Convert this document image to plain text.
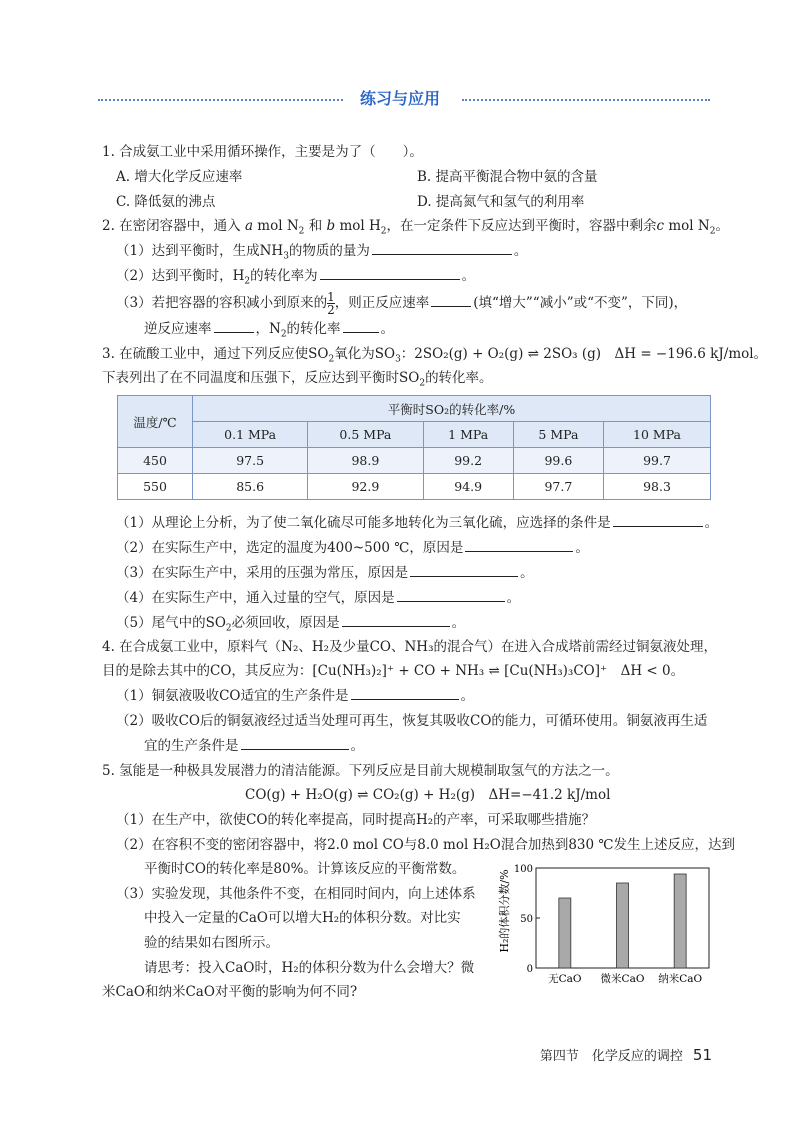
练习与应用
1. 合成氨工业中采用循环操作，主要是为了（　　）。
A. 增大化学反应速率	B. 提高平衡混合物中氨的含量
C. 降低氨的沸点	D. 提高氮气和氢气的利用率
2. 在密闭容器中，通入 a mol $N_2$ 和 b mol $H_2$，在一定条件下反应达到平衡时，容器中剩余c mol $N_2$。
（1）达到平衡时，生成$NH_3$的物质的量为	。
（2）达到平衡时，$H_2$的转化率为	。
（3）若把容器的容积减小到原来的 $\frac{1}{2}$ ，则正反应速率	(填“增大”“减小”或“不变”，下同)，
逆反应速率	，$N_2$的转化率	。
3. 在硫酸工业中，通过下列反应使$SO_2$氧化为$SO_3$：2SO₂(g) + O₂(g) ⇌ 2SO₃ (g)　ΔH = −196.6 kJ/mol。
下表列出了在不同温度和压强下，反应达到平衡时$SO_2$的转化率。
温度/℃	平衡时SO₂的转化率/%				
	0.1 MPa	0.5 MPa	1 MPa	5 MPa	10 MPa
450	97.5	98.9	99.2	99.6	99.7
550	85.6	92.9	94.9	97.7	98.3
（1）从理论上分析，为了使二氧化硫尽可能多地转化为三氧化硫，应选择的条件是	。
（2）在实际生产中，选定的温度为400~500 ℃，原因是	。
（3）在实际生产中，采用的压强为常压，原因是	。
（4）在实际生产中，通入过量的空气，原因是	。
（5）尾气中的$SO_2$必须回收，原因是	。
4. 在合成氨工业中，原料气（N₂、H₂及少量CO、NH₃的混合气）在进入合成塔前需经过铜氨液处理，
目的是除去其中的CO，其反应为：[Cu(NH₃)₂]⁺ + CO + NH₃ ⇌ [Cu(NH₃)₃CO]⁺　ΔH < 0。
（1）铜氨液吸收CO适宜的生产条件是	。
（2）吸收CO后的铜氨液经过适当处理可再生，恢复其吸收CO的能力，可循环使用。铜氨液再生适
宜的生产条件是	。
5. 氢能是一种极具发展潜力的清洁能源。下列反应是目前大规模制取氢气的方法之一。
CO(g) + H₂O(g) ⇌ CO₂(g) + H₂(g)　ΔH=−41.2 kJ/mol
（1）在生产中，欲使CO的转化率提高，同时提高H₂的产率，可采取哪些措施？
（2）在容积不变的密闭容器中，将2.0 mol CO与8.0 mol H₂O混合加热到830 ℃发生上述反应，达到
平衡时CO的转化率是80%。计算该反应的平衡常数。
（3）实验发现，其他条件不变，在相同时间内，向上述体系
中投入一定量的CaO可以增大H₂的体积分数。对比实
验的结果如右图所示。
请思考：投入CaO时，H₂的体积分数为什么会增大？微
米CaO和纳米CaO对平衡的影响为何不同?
H₂的体积分数/%
0
50
100
无CaO 微米CaO 纳米CaO
第四节　化学反应的调控 51
